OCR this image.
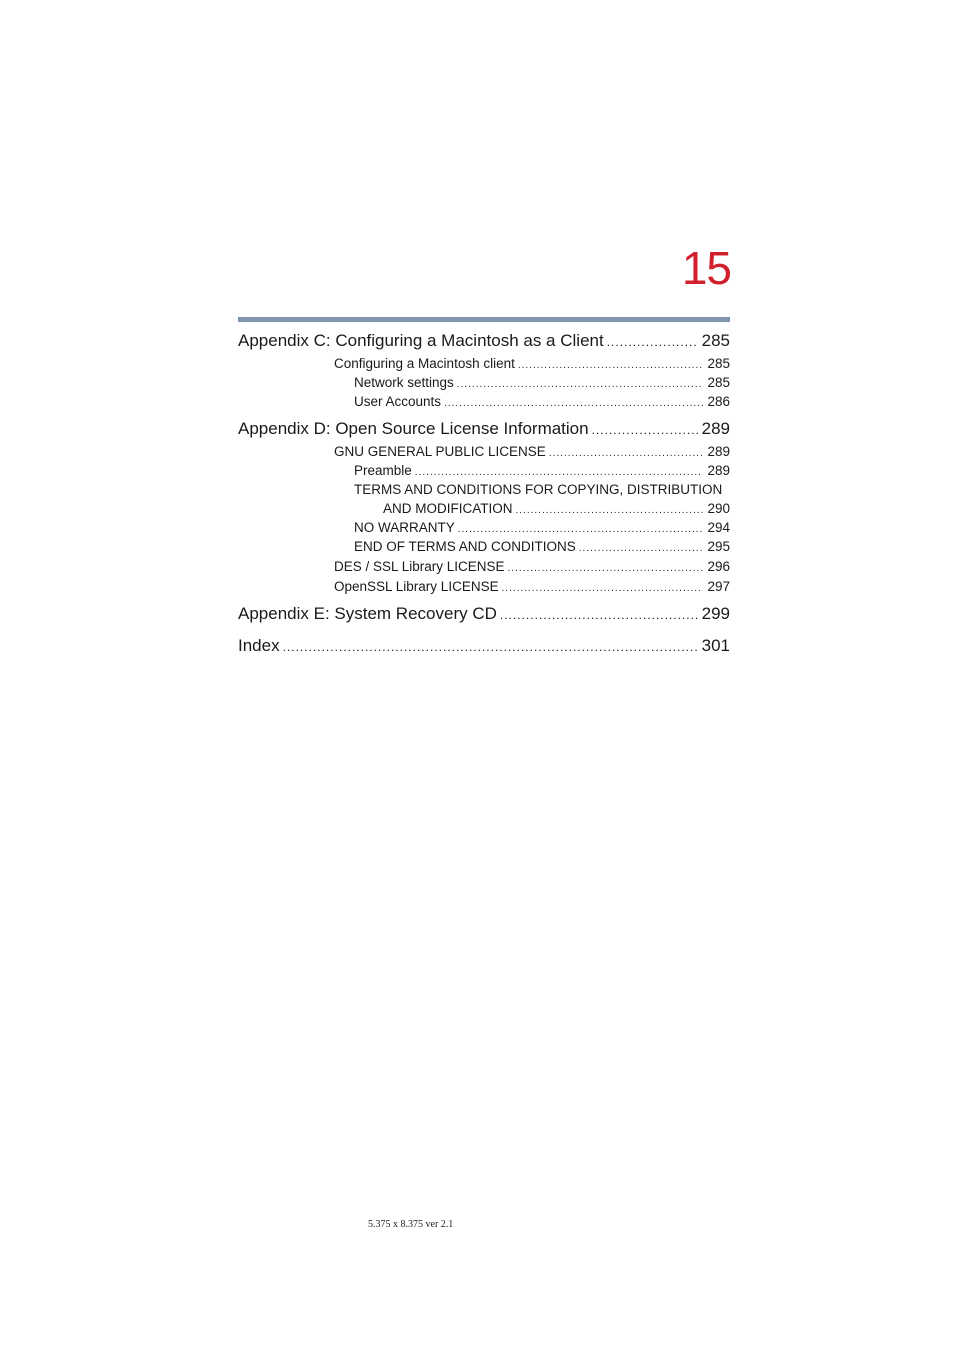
15
Appendix C: Configuring a Macintosh as a Client .....	285
Configuring a Macintosh client .....	285
Network settings .....	285
User Accounts .....	286
Appendix D: Open Source License Information .....	289
GNU GENERAL PUBLIC LICENSE .....	289
Preamble .....	289
TERMS AND CONDITIONS FOR COPYING, DISTRIBUTION
AND MODIFICATION .....	290
NO WARRANTY .....	294
END OF TERMS AND CONDITIONS .....	295
DES / SSL Library LICENSE .....	296
OpenSSL Library LICENSE .....	297
Appendix E: System Recovery CD .....	299
Index .....	301
5.375 x 8.375 ver 2.1
